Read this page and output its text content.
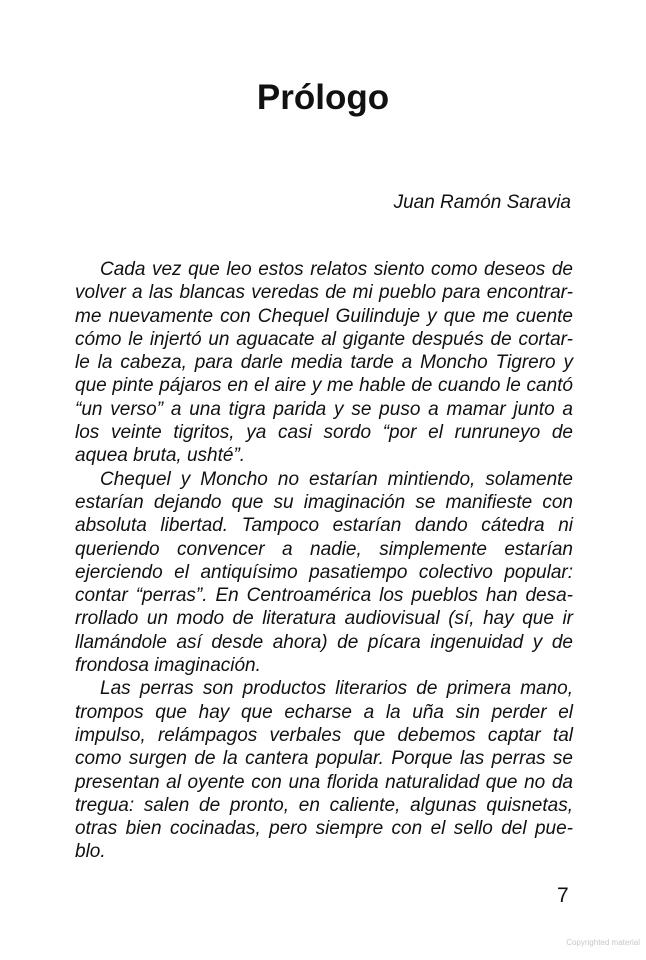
Prólogo
Juan Ramón Saravia
Cada vez que leo estos relatos siento como deseos de
volver a las blancas veredas de mi pueblo para encontrar-
me nuevamente con Chequel Guilinduje y que me cuente
cómo le injertó un aguacate al gigante después de cortar-
le la cabeza, para darle media tarde a Moncho Tigrero y
que pinte pájaros en el aire y me hable de cuando le cantó
“un verso” a una tigra parida y se puso a mamar junto a
los veinte tigritos, ya casi sordo “por el runruneyo de
aquea bruta, ushté”.
Chequel y Moncho no estarían mintiendo, solamente
estarían dejando que su imaginación se manifieste con
absoluta libertad. Tampoco estarían dando cátedra ni
queriendo convencer a nadie, simplemente estarían
ejerciendo el antiquísimo pasatiempo colectivo popular:
contar “perras”. En Centroamérica los pueblos han desa-
rrollado un modo de literatura audiovisual (sí, hay que ir
llamándole así desde ahora) de pícara ingenuidad y de
frondosa imaginación.
Las perras son productos literarios de primera mano,
trompos que hay que echarse a la uña sin perder el
impulso, relámpagos verbales que debemos captar tal
como surgen de la cantera popular. Porque las perras se
presentan al oyente con una florida naturalidad que no da
tregua: salen de pronto, en caliente, algunas quisnetas,
otras bien cocinadas, pero siempre con el sello del pue-
blo.
7
Copyrighted material
